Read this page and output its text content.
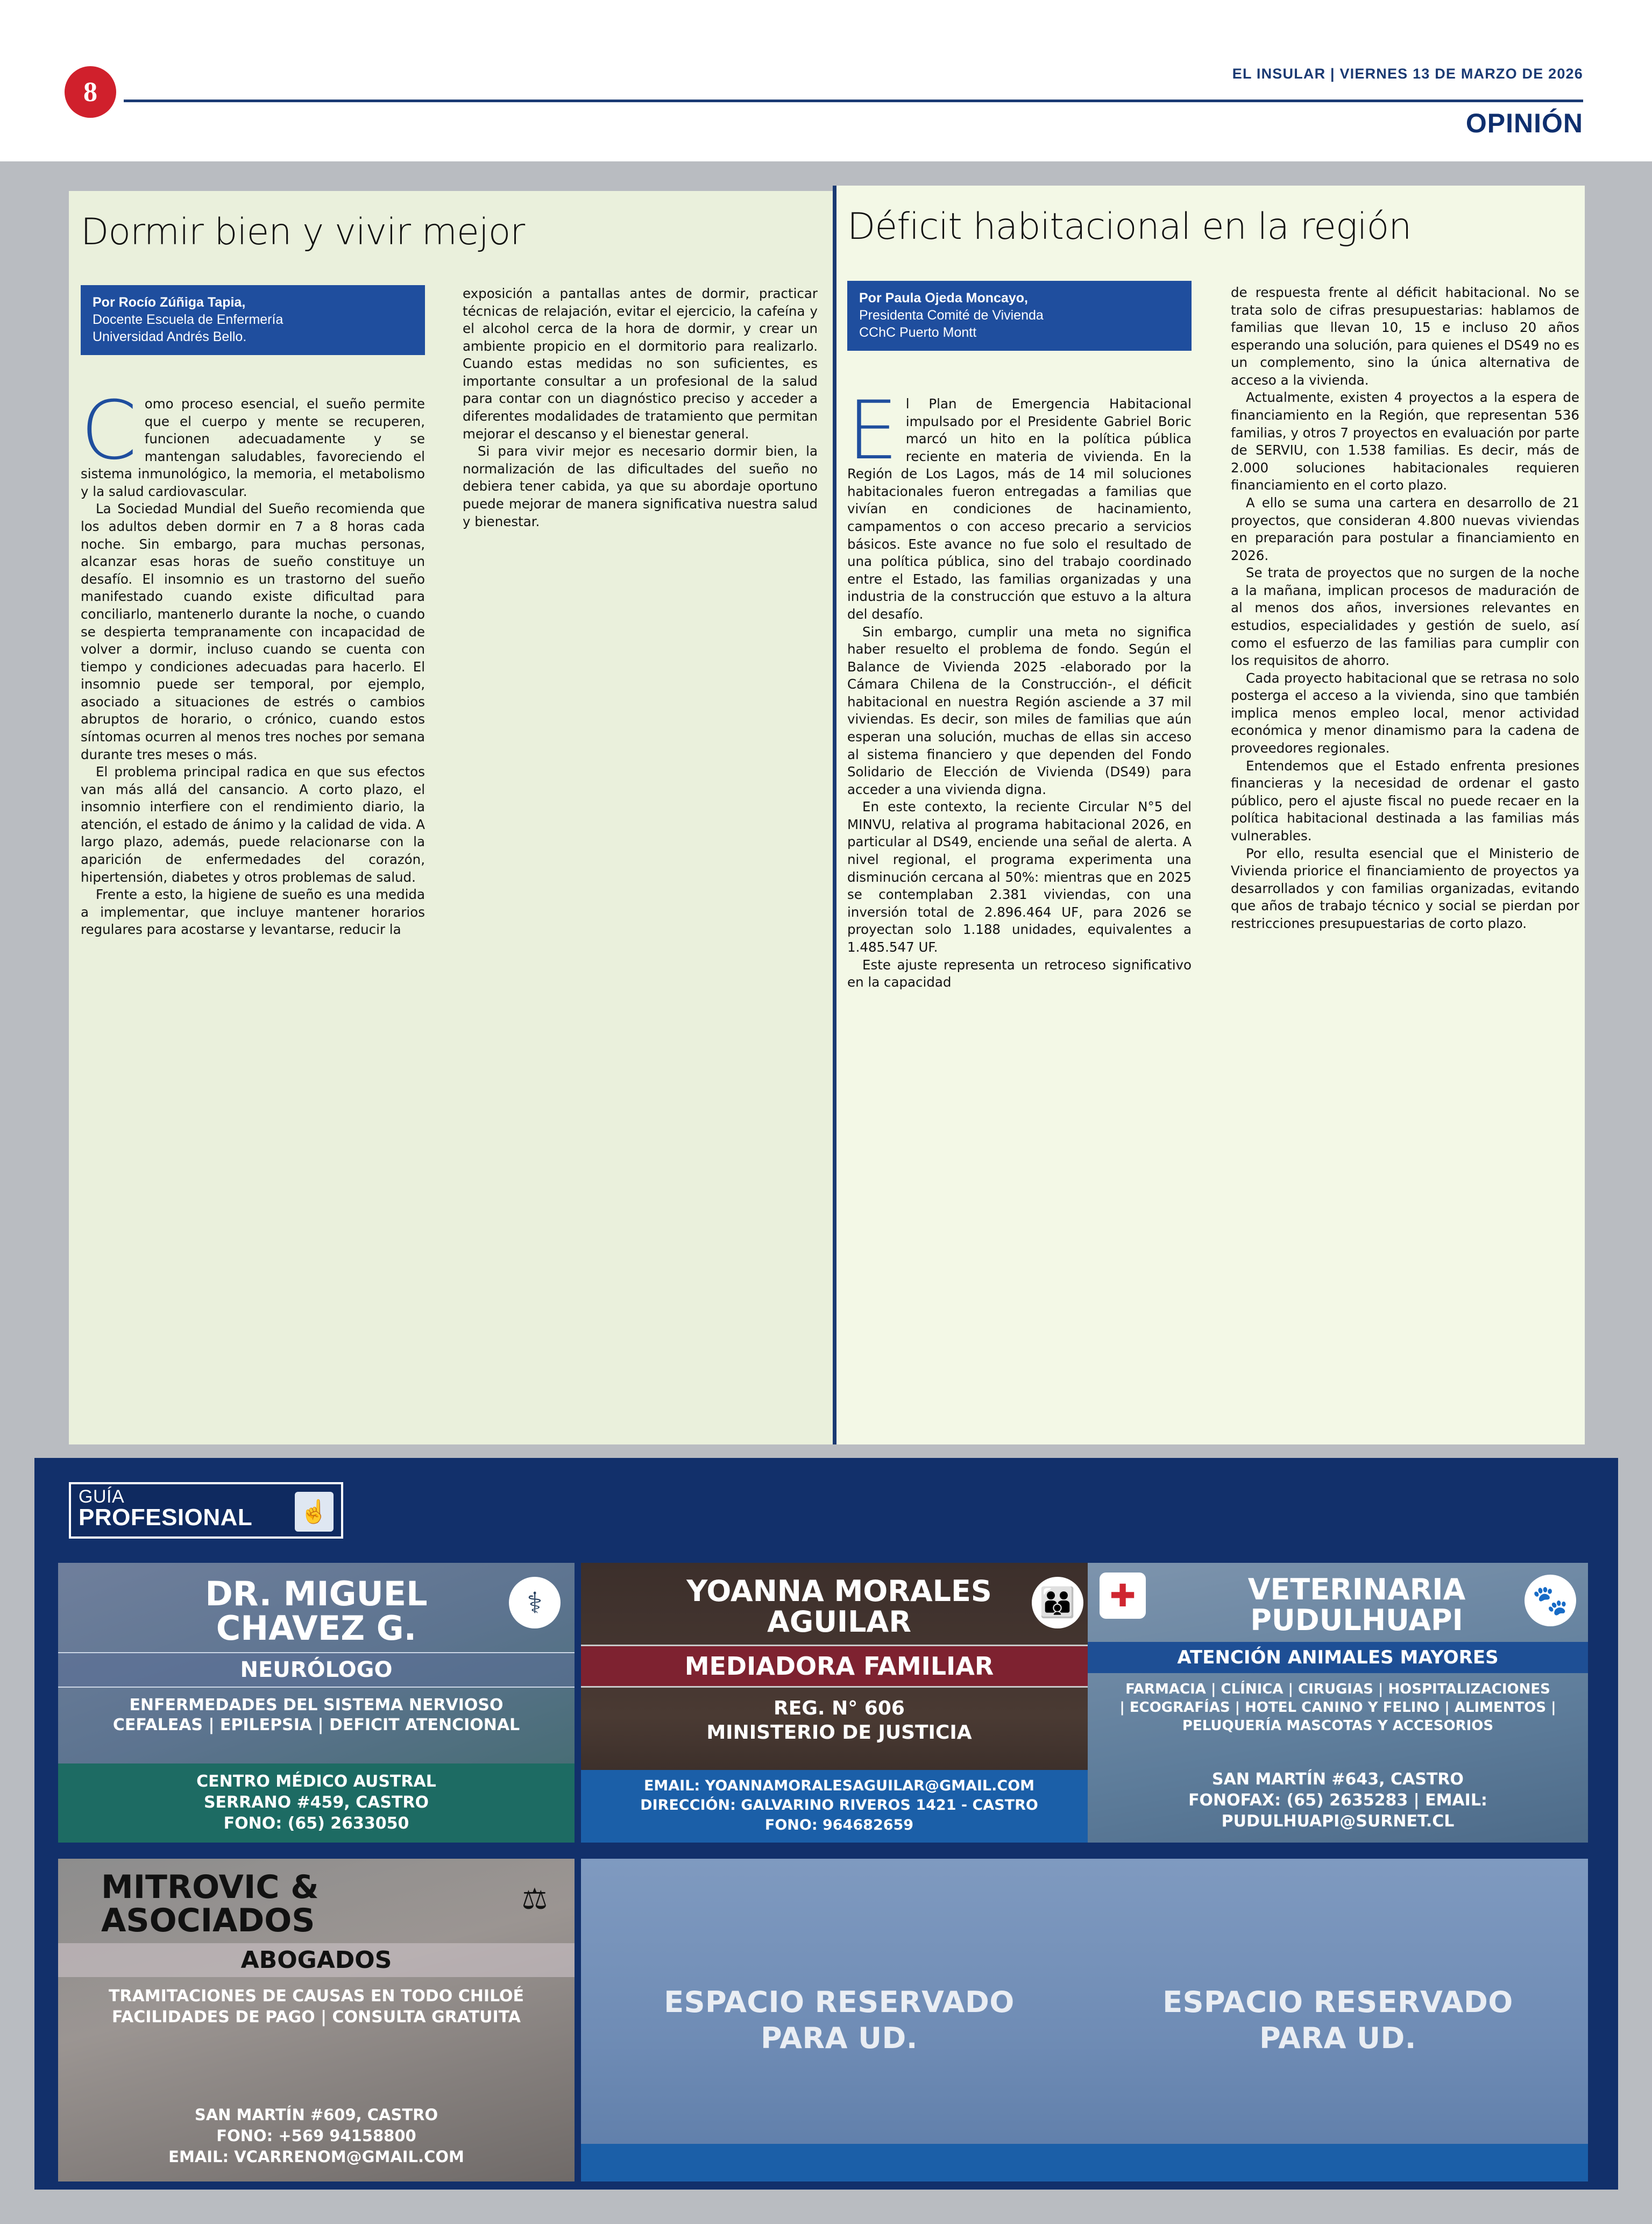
8
EL INSULAR | VIERNES 13 DE MARZO DE 2026
OPINIÓN
Dormir bien y vivir mejor
Por Rocío Zúñiga Tapia,
Docente Escuela de Enfermería
Universidad Andrés Bello.

Como proceso esencial, el sueño permite que el cuerpo y mente se recuperen, funcionen adecuadamente y se mantengan saludables, favoreciendo el sistema inmunológico, la memoria, el metabolismo y la salud cardiovascular.

La Sociedad Mundial del Sueño recomienda que los adultos deben dormir en 7 a 8 horas cada noche. Sin embargo, para muchas personas, alcanzar esas horas de sueño constituye un desafío. El insomnio es un trastorno del sueño manifestado cuando existe dificultad para conciliarlo, mantenerlo durante la noche, o cuando se despierta tempranamente con incapacidad de volver a dormir, incluso cuando se cuenta con tiempo y condiciones adecuadas para hacerlo. El insomnio puede ser temporal, por ejemplo, asociado a situaciones de estrés o cambios abruptos de horario, o crónico, cuando estos síntomas ocurren al menos tres noches por semana durante tres meses o más.

El problema principal radica en que sus efectos van más allá del cansancio. A corto plazo, el insomnio interfiere con el rendimiento diario, la atención, el estado de ánimo y la calidad de vida. A largo plazo, además, puede relacionarse con la aparición de enfermedades del corazón, hipertensión, diabetes y otros problemas de salud.

Frente a esto, la higiene de sueño es una medida a implementar, que incluye mantener horarios regulares para acostarse y levantarse, reducir la

exposición a pantallas antes de dormir, practicar técnicas de relajación, evitar el ejercicio, la cafeína y el alcohol cerca de la hora de dormir, y crear un ambiente propicio en el dormitorio para realizarlo. Cuando estas medidas no son suficientes, es importante consultar a un profesional de la salud para contar con un diagnóstico preciso y acceder a diferentes modalidades de tratamiento que permitan mejorar el descanso y el bienestar general.

Si para vivir mejor es necesario dormir bien, la normalización de las dificultades del sueño no debiera tener cabida, ya que su abordaje oportuno puede mejorar de manera significativa nuestra salud y bienestar.

Déficit habitacional en la región
Por Paula Ojeda Moncayo,
Presidenta Comité de Vivienda
CChC Puerto Montt

El Plan de Emergencia Habitacional impulsado por el Presidente Gabriel Boric marcó un hito en la política pública reciente en materia de vivienda. En la Región de Los Lagos, más de 14 mil soluciones habitacionales fueron entregadas a familias que vivían en condiciones de hacinamiento, campamentos o con acceso precario a servicios básicos. Este avance no fue solo el resultado de una política pública, sino del trabajo coordinado entre el Estado, las familias organizadas y una industria de la construcción que estuvo a la altura del desafío.

Sin embargo, cumplir una meta no significa haber resuelto el problema de fondo. Según el Balance de Vivienda 2025 -elaborado por la Cámara Chilena de la Construcción-, el déficit habitacional en nuestra Región asciende a 37 mil viviendas. Es decir, son miles de familias que aún esperan una solución, muchas de ellas sin acceso al sistema financiero y que dependen del Fondo Solidario de Elección de Vivienda (DS49) para acceder a una vivienda digna.

En este contexto, la reciente Circular N°5 del MINVU, relativa al programa habitacional 2026, en particular al DS49, enciende una señal de alerta. A nivel regional, el programa experimenta una disminución cercana al 50%: mientras que en 2025 se contemplaban 2.381 viviendas, con una inversión total de 2.896.464 UF, para 2026 se proyectan solo 1.188 unidades, equivalentes a 1.485.547 UF.

Este ajuste representa un retroceso significativo en la capacidad

de respuesta frente al déficit habitacional. No se trata solo de cifras presupuestarias: hablamos de familias que llevan 10, 15 e incluso 20 años esperando una solución, para quienes el DS49 no es un complemento, sino la única alternativa de acceso a la vivienda.

Actualmente, existen 4 proyectos a la espera de financiamiento en la Región, que representan 536 familias, y otros 7 proyectos en evaluación por parte de SERVIU, con 1.538 familias. Es decir, más de 2.000 soluciones habitacionales requieren financiamiento en el corto plazo.

A ello se suma una cartera en desarrollo de 21 proyectos, que consideran 4.800 nuevas viviendas en preparación para postular a financiamiento en 2026.

Se trata de proyectos que no surgen de la noche a la mañana, implican procesos de maduración de al menos dos años, inversiones relevantes en estudios, especialidades y gestión de suelo, así como el esfuerzo de las familias para cumplir con los requisitos de ahorro.

Cada proyecto habitacional que se retrasa no solo posterga el acceso a la vivienda, sino que también implica menos empleo local, menor actividad económica y menor dinamismo para la cadena de proveedores regionales.

Entendemos que el Estado enfrenta presiones financieras y la necesidad de ordenar el gasto público, pero el ajuste fiscal no puede recaer en la política habitacional destinada a las familias más vulnerables.

Por ello, resulta esencial que el Ministerio de Vivienda priorice el financiamiento de proyectos ya desarrollados y con familias organizadas, evitando que años de trabajo técnico y social se pierdan por restricciones presupuestarias de corto plazo.

GUÍA
PROFESIONAL	☝
⚕
DR. MIGUEL
CHAVEZ G.
NEURÓLOGO
ENFERMEDADES DEL SISTEMA NERVIOSO
CEFALEAS | EPILEPSIA | DEFICIT ATENCIONAL
CENTRO MÉDICO AUSTRAL
SERRANO #459, CASTRO
FONO: (65) 2633050
👪
YOANNA MORALES
AGUILAR
MEDIADORA FAMILIAR
REG. N° 606
MINISTERIO DE JUSTICIA
EMAIL: YOANNAMORALESAGUILAR@GMAIL.COM
DIRECCIÓN: GALVARINO RIVEROS 1421 - CASTRO
FONO: 964682659
✚	🐾
VETERINARIA
PUDULHUAPI
ATENCIÓN ANIMALES MAYORES
FARMACIA | CLÍNICA | CIRUGIAS | HOSPITALIZACIONES
| ECOGRAFÍAS | HOTEL CANINO Y FELINO | ALIMENTOS |
PELUQUERÍA MASCOTAS Y ACCESORIOS
SAN MARTÍN #643, CASTRO
FONOFAX: (65) 2635283 | EMAIL:
PUDULHUAPI@SURNET.CL
⚖
MITROVIC &
ASOCIADOS
ABOGADOS
TRAMITACIONES DE CAUSAS EN TODO CHILOÉ
FACILIDADES DE PAGO | CONSULTA GRATUITA
SAN MARTÍN #609, CASTRO
FONO: +569 94158800
EMAIL: VCARRENOM@GMAIL.COM
ESPACIO RESERVADO
PARA UD.
ESPACIO RESERVADO
PARA UD.
